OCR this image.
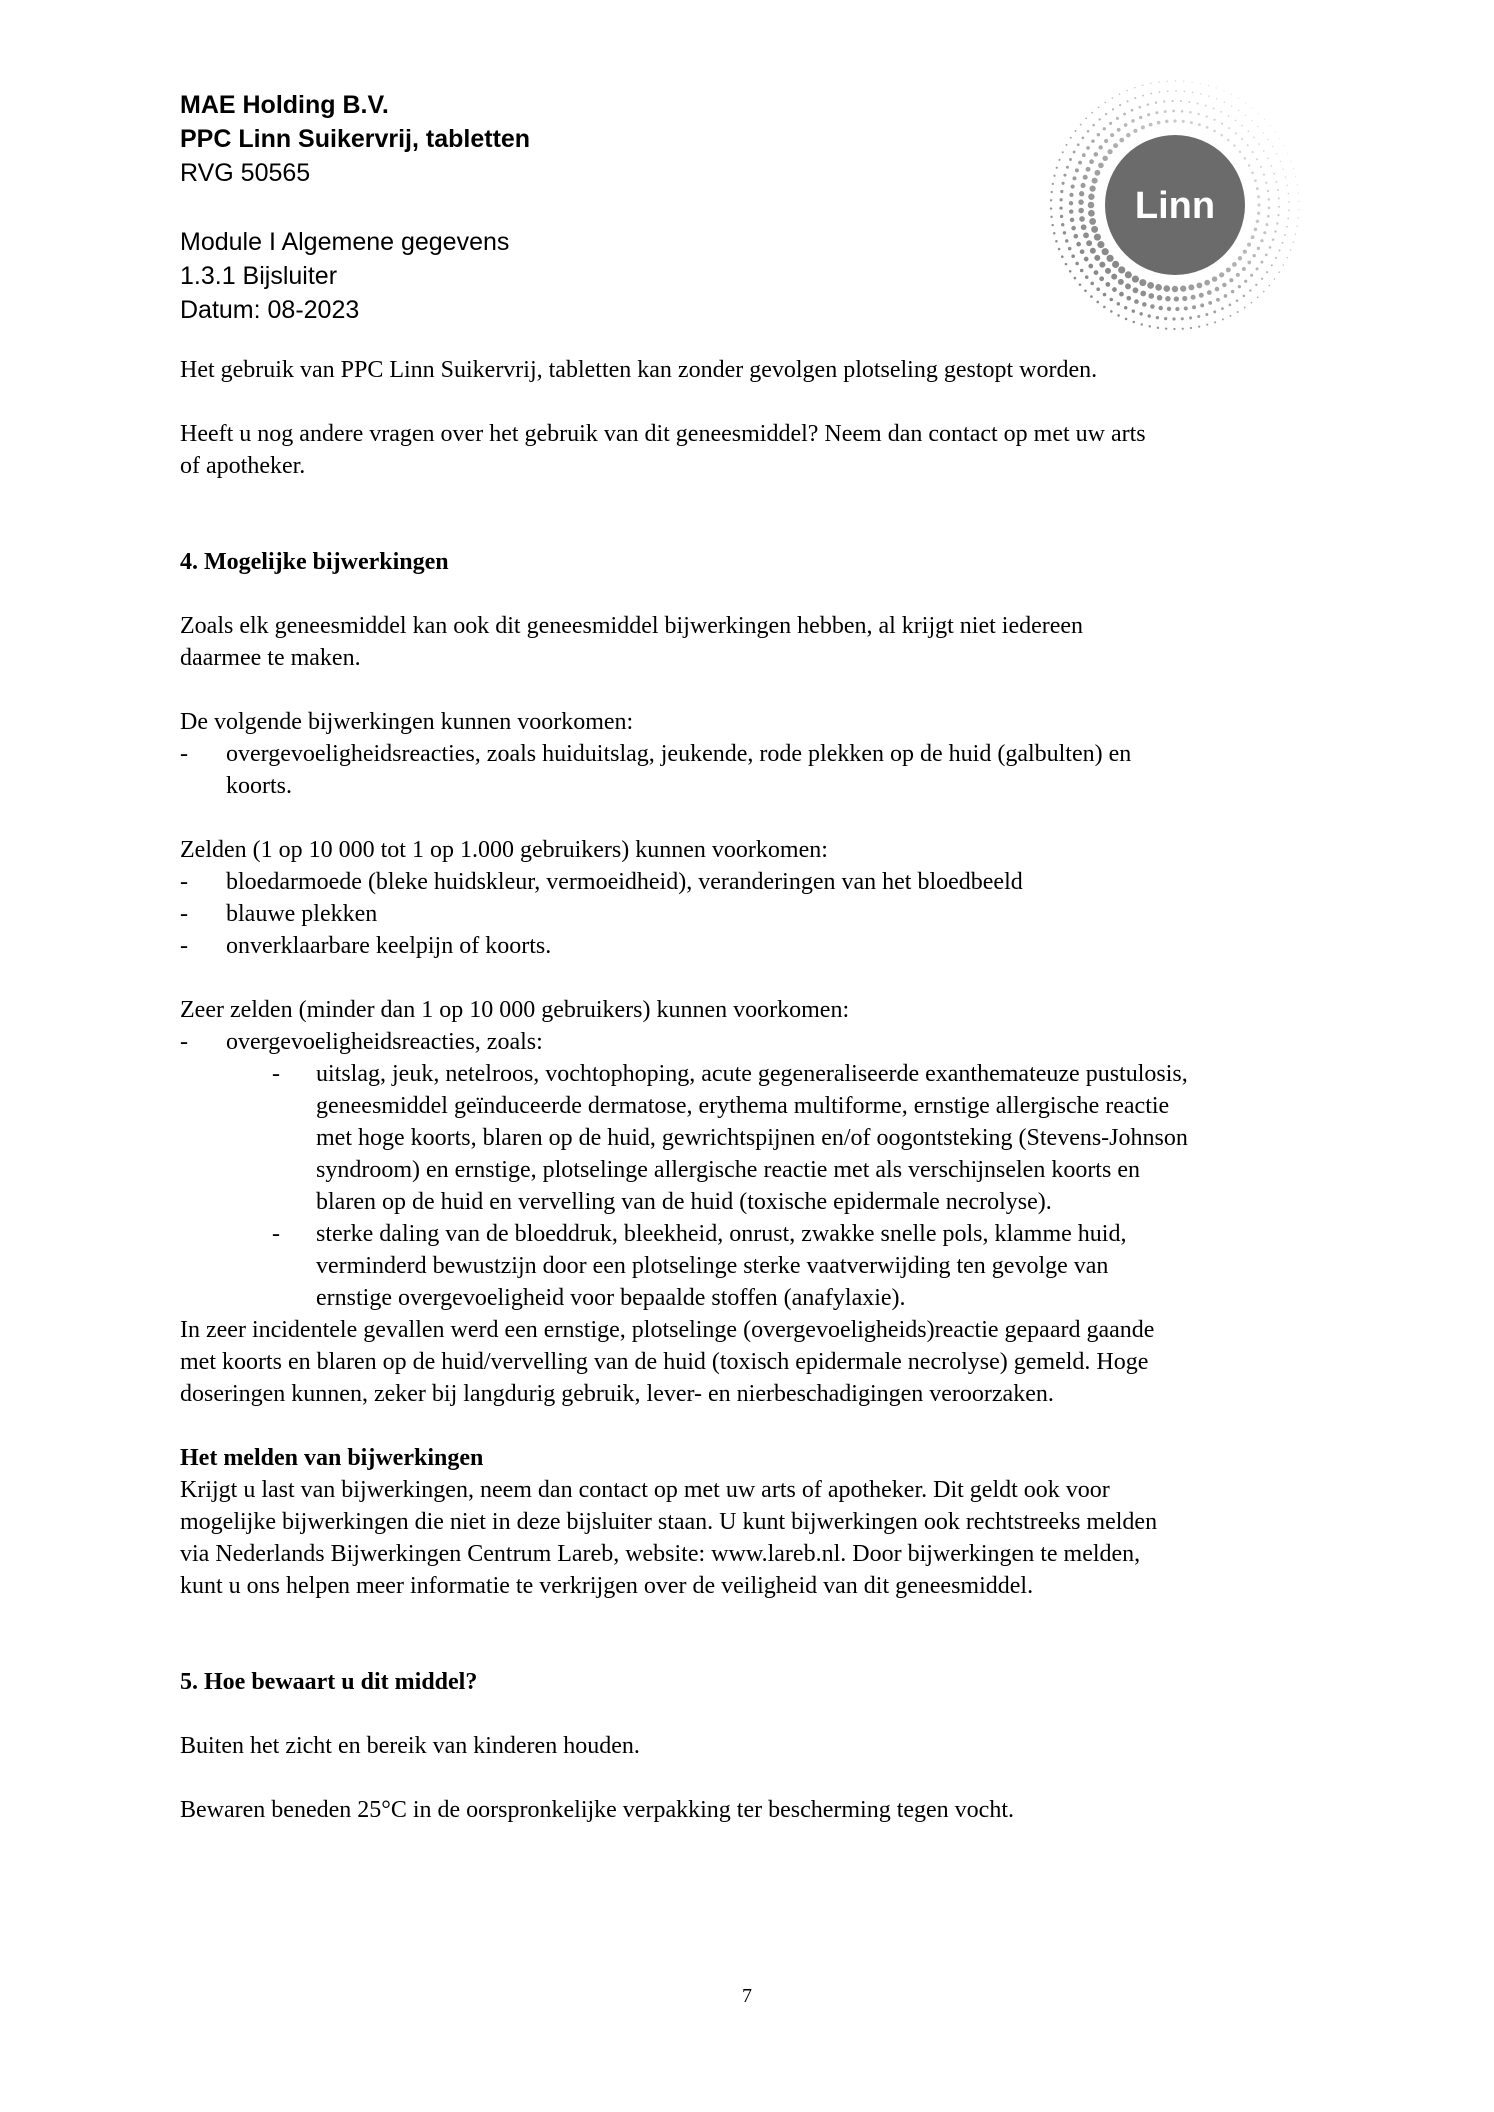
MAE Holding B.V.
PPC Linn Suikervrij, tabletten
RVG 50565
Module I Algemene gegevens
1.3.1 Bijsluiter
Datum: 08-2023
Linn

Het gebruik van PPC Linn Suikervrij, tabletten kan zonder gevolgen plotseling gestopt worden.

Heeft u nog andere vragen over het gebruik van dit geneesmiddel? Neem dan contact op met uw arts

of apotheker.

4. Mogelijke bijwerkingen

Zoals elk geneesmiddel kan ook dit geneesmiddel bijwerkingen hebben, al krijgt niet iedereen

daarmee te maken.

De volgende bijwerkingen kunnen voorkomen:

- overgevoeligheidsreacties, zoals huiduitslag, jeukende, rode plekken op de huid (galbulten) en
koorts.

Zelden (1 op 10 000 tot 1 op 1.000 gebruikers) kunnen voorkomen:

- bloedarmoede (bleke huidskleur, vermoeidheid), veranderingen van het bloedbeeld
- blauwe plekken
- onverklaarbare keelpijn of koorts.

Zeer zelden (minder dan 1 op 10 000 gebruikers) kunnen voorkomen:

- overgevoeligheidsreacties, zoals:
- uitslag, jeuk, netelroos, vochtophoping, acute gegeneraliseerde exanthemateuze pustulosis,
geneesmiddel geïnduceerde dermatose, erythema multiforme, ernstige allergische reactie
met hoge koorts, blaren op de huid, gewrichtspijnen en/of oogontsteking (Stevens-Johnson
syndroom) en ernstige, plotselinge allergische reactie met als verschijnselen koorts en
blaren op de huid en vervelling van de huid (toxische epidermale necrolyse).
- sterke daling van de bloeddruk, bleekheid, onrust, zwakke snelle pols, klamme huid,
verminderd bewustzijn door een plotselinge sterke vaatverwijding ten gevolge van
ernstige overgevoeligheid voor bepaalde stoffen (anafylaxie).
In zeer incidentele gevallen werd een ernstige, plotselinge (overgevoeligheids)reactie gepaard gaande
met koorts en blaren op de huid/vervelling van de huid (toxisch epidermale necrolyse) gemeld. Hoge
doseringen kunnen, zeker bij langdurig gebruik, lever- en nierbeschadigingen veroorzaken.

Het melden van bijwerkingen

Krijgt u last van bijwerkingen, neem dan contact op met uw arts of apotheker. Dit geldt ook voor
mogelijke bijwerkingen die niet in deze bijsluiter staan. U kunt bijwerkingen ook rechtstreeks melden
via Nederlands Bijwerkingen Centrum Lareb, website: www.lareb.nl. Door bijwerkingen te melden,
kunt u ons helpen meer informatie te verkrijgen over de veiligheid van dit geneesmiddel.

5. Hoe bewaart u dit middel?

Buiten het zicht en bereik van kinderen houden.

Bewaren beneden 25°C in de oorspronkelijke verpakking ter bescherming tegen vocht.

7
